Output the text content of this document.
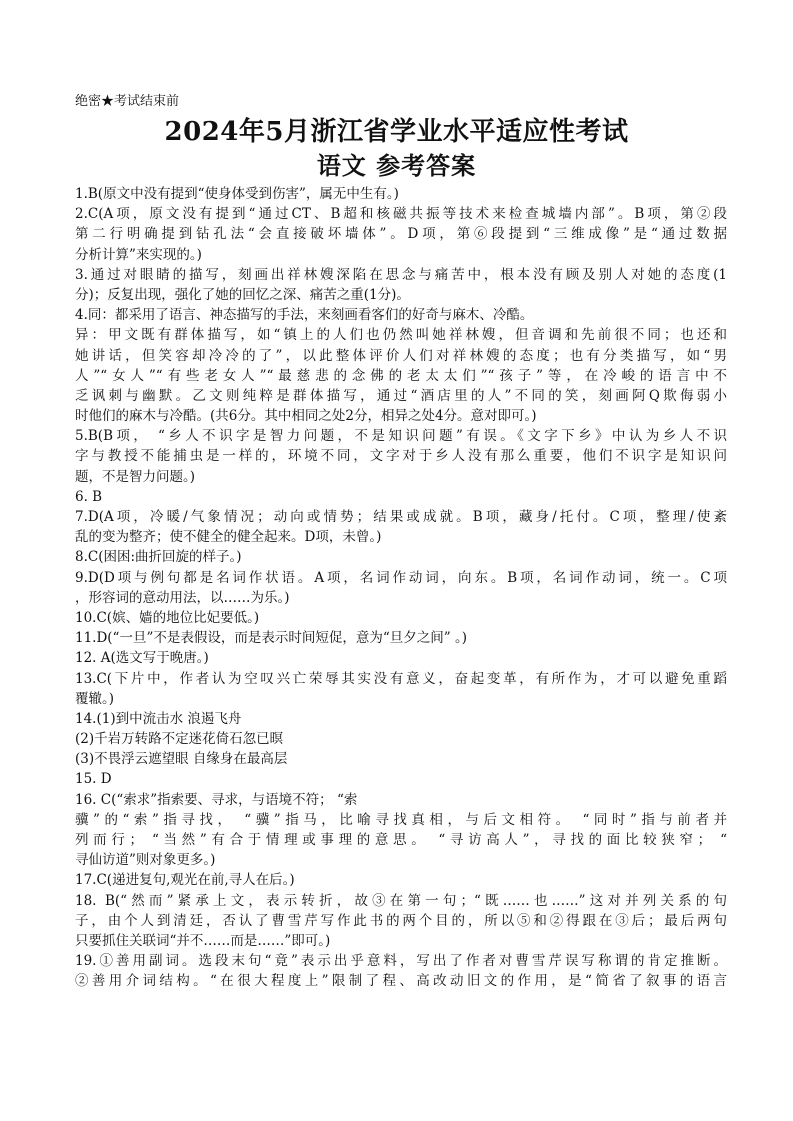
绝密★考试结束前
2024年5月浙江省学业水平适应性考试
语文 参考答案
1.B(原文中没有提到“使身体受到伤害”，属无中生有。)
2.C(A项，原文没有提到“通过CT、B超和核磁共振等技术来检查城墙内部”。B项，第②段
第二行明确提到钻孔法“会直接破坏墙体”。D项，第⑥段提到“三维成像”是“通过数据
分析计算”来实现的。)
3.通过对眼睛的描写，刻画出祥林嫂深陷在思念与痛苦中，根本没有顾及别人对她的态度(1
分)；反复出现，强化了她的回忆之深、痛苦之重(1分)。
4.同：都采用了语言、神态描写的手法，来刻画看客们的好奇与麻木、冷酷。
异：甲文既有群体描写，如“镇上的人们也仍然叫她祥林嫂，但音调和先前很不同；也还和
她讲话，但笑容却冷冷的了”，以此整体评价人们对祥林嫂的态度；也有分类描写，如“男
人”“女人”“有些老女人”“最慈悲的念佛的老太太们”“孩子”等，在冷峻的语言中不
乏讽刺与幽默。乙文则纯粹是群体描写，通过“酒店里的人”不同的笑，刻画阿Q欺侮弱小
时他们的麻木与冷酷。(共6分。其中相同之处2分，相异之处4分。意对即可。)
5.B(B项， “乡人不识字是智力问题，不是知识问题”有误。《文字下乡》中认为乡人不识
字与教授不能捕虫是一样的，环境不同，文字对于乡人没有那么重要，他们不识字是知识问
题，不是智力问题。)
6. B
7.D(A项，冷暖/气象情况；动向或情势；结果或成就。B项，藏身/托付。C项，整理/使紊
乱的变为整齐；使不健全的健全起来。D项，未曾。)
8.C(困困:曲折回旋的样子。)
9.D(D项与例句都是名词作状语。A项，名词作动词，向东。B项，名词作动词，统一。C项
，形容词的意动用法，以……为乐。)
10.C(嫔、嫱的地位比妃要低。)
11.D(“一旦”不是表假设，而是表示时间短促，意为“旦夕之间” 。)
12. A(选文写于晚唐。)
13.C(下片中，作者认为空叹兴亡荣辱其实没有意义，奋起变革，有所作为，才可以避免重蹈
覆辙。)
14.(1)到中流击水 浪遏飞舟
(2)千岩万转路不定迷花倚石忽已暝
(3)不畏浮云遮望眼 自缘身在最高层
15. D
16. C(“索求”指索要、寻求，与语境不符； “索
骥”的“索”指寻找， “骥”指马，比喻寻找真相，与后文相符。 “同时”指与前者并
列而行； “当然”有合于情理或事理的意思。 “寻访高人”，寻找的面比较狭窄； “
寻仙访道”则对象更多。)
17.C(递进复句,观光在前,寻人在后。)
18. B(“然而”紧承上文，表示转折，故③在第一句；“既……也……”这对并列关系的句
子，由个人到清廷，否认了曹雪芹写作此书的两个目的，所以⑤和②得跟在③后；最后两句
只要抓住关联词“并不……而是……”即可。)
19.①善用副词。选段末句“竟”表示出乎意料，写出了作者对曹雪芹误写称谓的肯定推断。
②善用介词结构。“在很大程度上”限制了程、高改动旧文的作用，是“简省了叙事的语言
